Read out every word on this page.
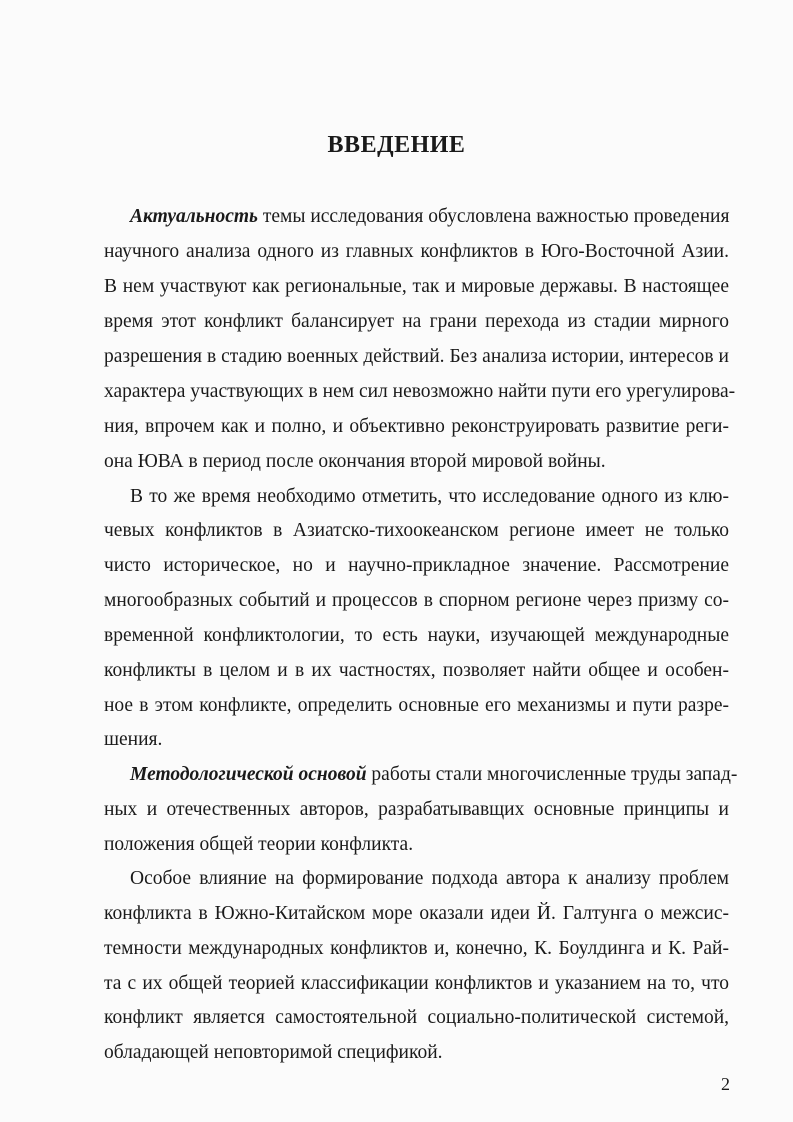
ВВЕДЕНИЕ
Актуальность темы исследования обусловлена важностью проведения
научного анализа одного из главных конфликтов в Юго-Восточной Азии.
В нем участвуют как региональные, так и мировые державы. В настоящее
время этот конфликт балансирует на грани перехода из стадии мирного
разрешения в стадию военных действий. Без анализа истории, интересов и
характера участвующих в нем сил невозможно найти пути его урегулирова-
ния, впрочем как и полно, и объективно реконструировать развитие реги-
она ЮВА в период после окончания второй мировой войны.
В то же время необходимо отметить, что исследование одного из клю-
чевых конфликтов в Азиатско-тихоокеанском регионе имеет не только
чисто историческое, но и научно-прикладное значение. Рассмотрение
многообразных событий и процессов в спорном регионе через призму со-
временной конфликтологии, то есть науки, изучающей международные
конфликты в целом и в их частностях, позволяет найти общее и особен-
ное в этом конфликте, определить основные его механизмы и пути разре-
шения.
Методологической основой работы стали многочисленные труды запад-
ных и отечественных авторов, разрабатывавщих основные принципы и
положения общей теории конфликта.
Особое влияние на формирование подхода автора к анализу проблем
конфликта в Южно-Китайском море оказали идеи Й. Галтунга о межсис-
темности международных конфликтов и, конечно, К. Боулдинга и К. Рай-
та с их общей теорией классификации конфликтов и указанием на то, что
конфликт является самостоятельной социально-политической системой,
обладающей неповторимой спецификой.
2
